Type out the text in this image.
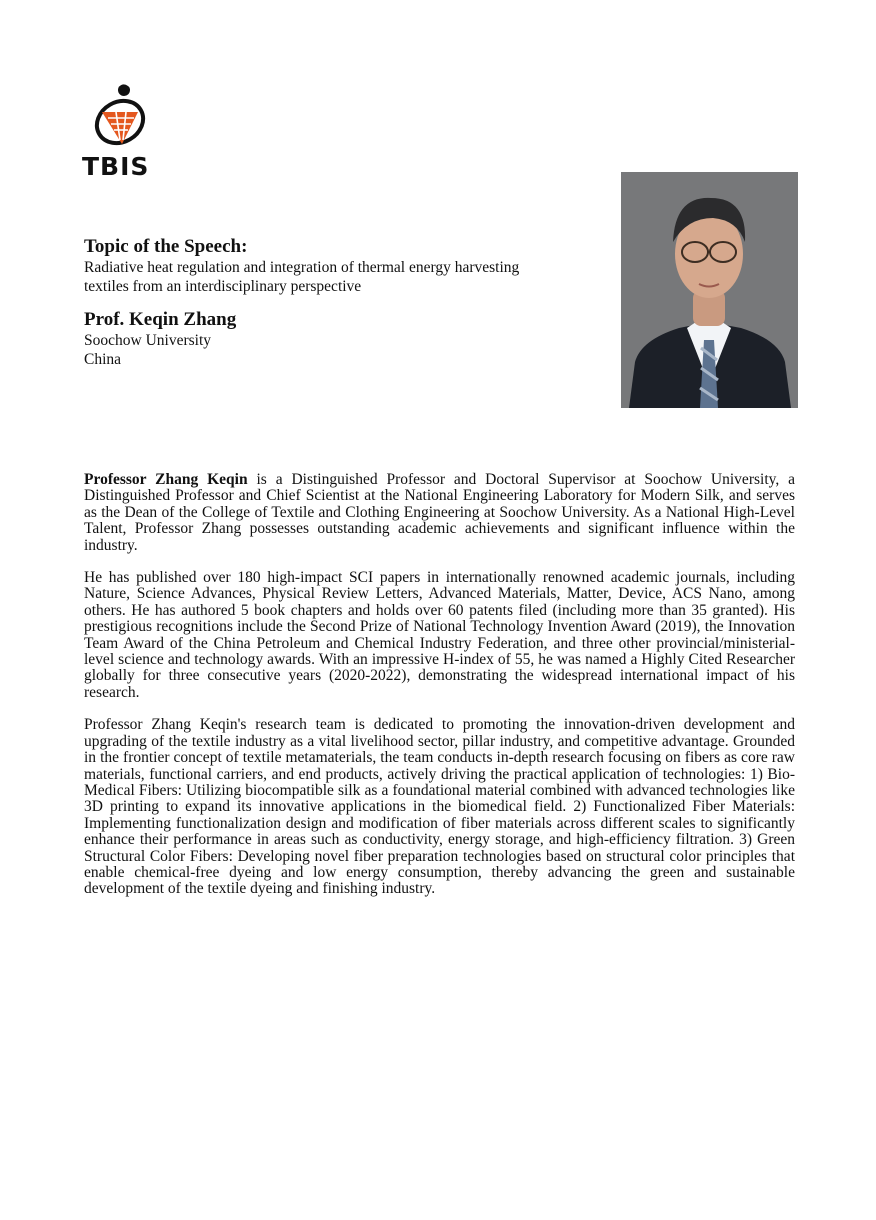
TBIS

Topic of the Speech:

Radiative heat regulation and integration of thermal energy harvesting

textiles from an interdisciplinary perspective

Prof. Keqin Zhang

Soochow University

China

Professor Zhang Keqin is a Distinguished Professor and Doctoral Supervisor at Soochow University, a Distinguished Professor and Chief Scientist at the National Engineering Laboratory for Modern Silk, and serves as the Dean of the College of Textile and Clothing Engineering at Soochow University. As a National High-Level Talent, Professor Zhang possesses outstanding academic achievements and significant influence within the industry.

He has published over 180 high-impact SCI papers in internationally renowned academic journals, including Nature, Science Advances, Physical Review Letters, Advanced Materials, Matter, Device, ACS Nano, among others. He has authored 5 book chapters and holds over 60 patents filed (including more than 35 granted). His prestigious recognitions include the Second Prize of National Technology Invention Award (2019), the Innovation Team Award of the China Petroleum and Chemical Industry Federation, and three other provincial/ministerial-level science and technology awards. With an impressive H-index of 55, he was named a Highly Cited Researcher globally for three consecutive years (2020-2022), demonstrating the widespread international impact of his research.

Professor Zhang Keqin's research team is dedicated to promoting the innovation-driven development and upgrading of the textile industry as a vital livelihood sector, pillar industry, and competitive advantage. Grounded in the frontier concept of textile metamaterials, the team conducts in-depth research focusing on fibers as core raw materials, functional carriers, and end products, actively driving the practical application of technologies: 1) Bio-Medical Fibers: Utilizing biocompatible silk as a foundational material combined with advanced technologies like 3D printing to expand its innovative applications in the biomedical field. 2) Functionalized Fiber Materials: Implementing functionalization design and modification of fiber materials across different scales to significantly enhance their performance in areas such as conductivity, energy storage, and high-efficiency filtration. 3) Green Structural Color Fibers: Developing novel fiber preparation technologies based on structural color principles that enable chemical-free dyeing and low energy consumption, thereby advancing the green and sustainable development of the textile dyeing and finishing industry.
